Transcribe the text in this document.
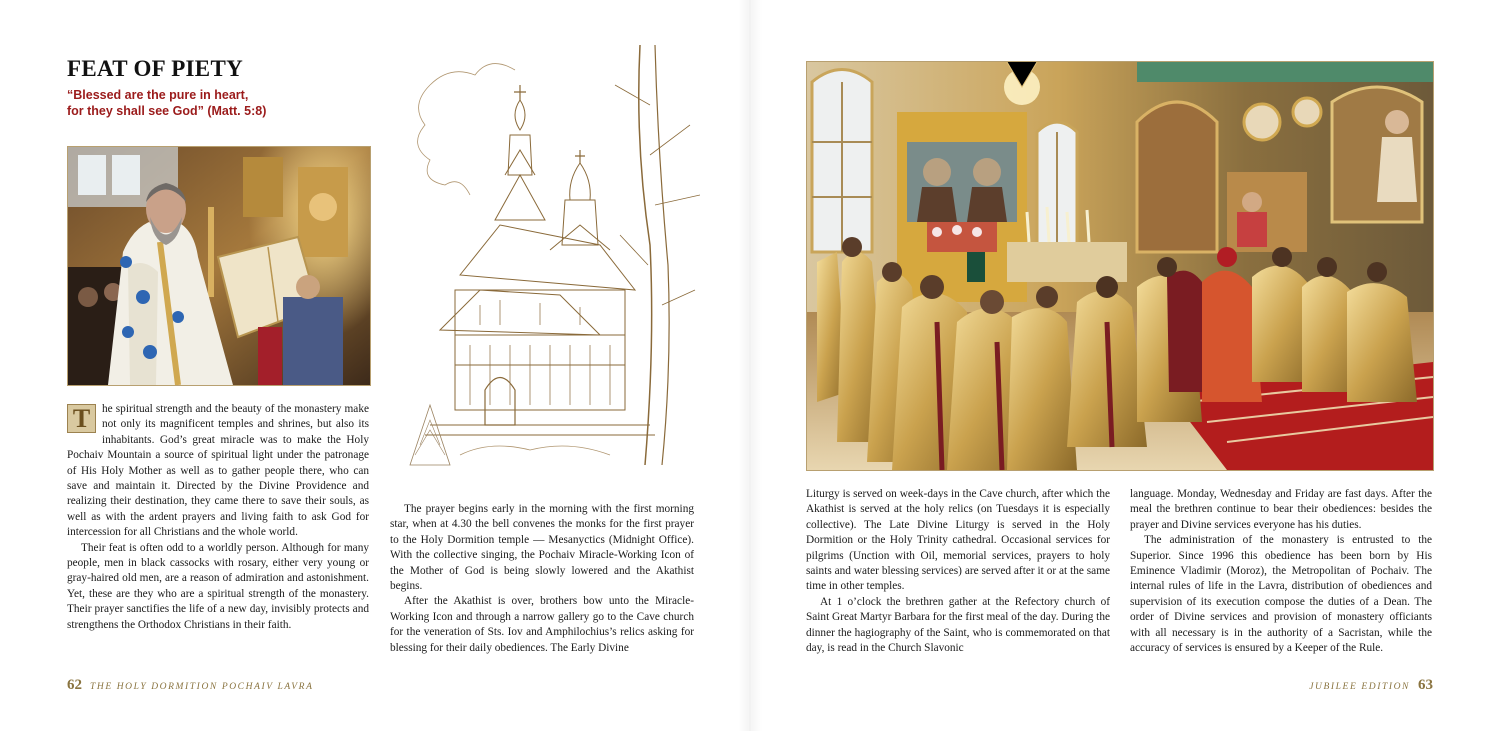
FEAT OF PIETY
“Blessed are the pure in heart,
for they shall see God” (Matt. 5:8)

T	he spiritual strength and the beauty of the monastery make not only its magnificent temples and shrines, but also its inhabitants. God’s great miracle was to make the Holy Pochaiv Mountain a source of spiritual light under the patronage of His Holy Mother as well as to gather people there, who can save and maintain it. Directed by the Divine Providence and realizing their destination, they came there to save their souls, as well as with the ardent prayers and living faith to ask God for intercession for all Christians and the whole world.

Their feat is often odd to a worldly person. Although for many people, men in black cassocks with rosary, either very young or gray-haired old men, are a reason of admiration and astonishment. Yet, these are they who are a spiritual strength of the monastery. Their prayer sanctifies the life of a new day, invisibly protects and strengthens the Orthodox Christians in their faith.

The prayer begins early in the morning with the first morning star, when at 4.30 the bell convenes the monks for the first prayer to the Holy Dormition temple — Mesanyctics (Midnight Office). With the collective singing, the Pochaiv Miracle-Working Icon of the Mother of God is being slowly lowered and the Akathist begins.

After the Akathist is over, brothers bow unto the Miracle-Working Icon and through a narrow gallery go to the Cave church for the veneration of Sts. Iov and Amphilochius’s relics asking for blessing for their daily obediences. The Early Divine

62 THE HOLY DORMITION POCHAIV LAVRA

Liturgy is served on week-days in the Cave church, after which the Akathist is served at the holy relics (on Tuesdays it is especially collective). The Late Divine Liturgy is served in the Holy Dormition or the Holy Trinity cathedral. Occasional services for pilgrims (Unction with Oil, memorial services, prayers to holy saints and water blessing services) are served after it or at the same time in other temples.

At 1 o’clock the brethren gather at the Refectory church of Saint Great Martyr Barbara for the first meal of the day. During the dinner the hagiography of the Saint, who is commemorated on that day, is read in the Church Slavonic

language. Monday, Wednesday and Friday are fast days. After the meal the brethren continue to bear their obediences: besides the prayer and Divine services everyone has his duties.

The administration of the monastery is entrusted to the Superior. Since 1996 this obedience has been born by His Eminence Vladimir (Moroz), the Metropolitan of Pochaiv. The internal rules of life in the Lavra, distribution of obediences and supervision of its execution compose the duties of a Dean. The order of Divine services and provision of monastery officiants with all necessary is in the authority of a Sacristan, while the accuracy of services is ensured by a Keeper of the Rule.

JUBILEE EDITION 63
